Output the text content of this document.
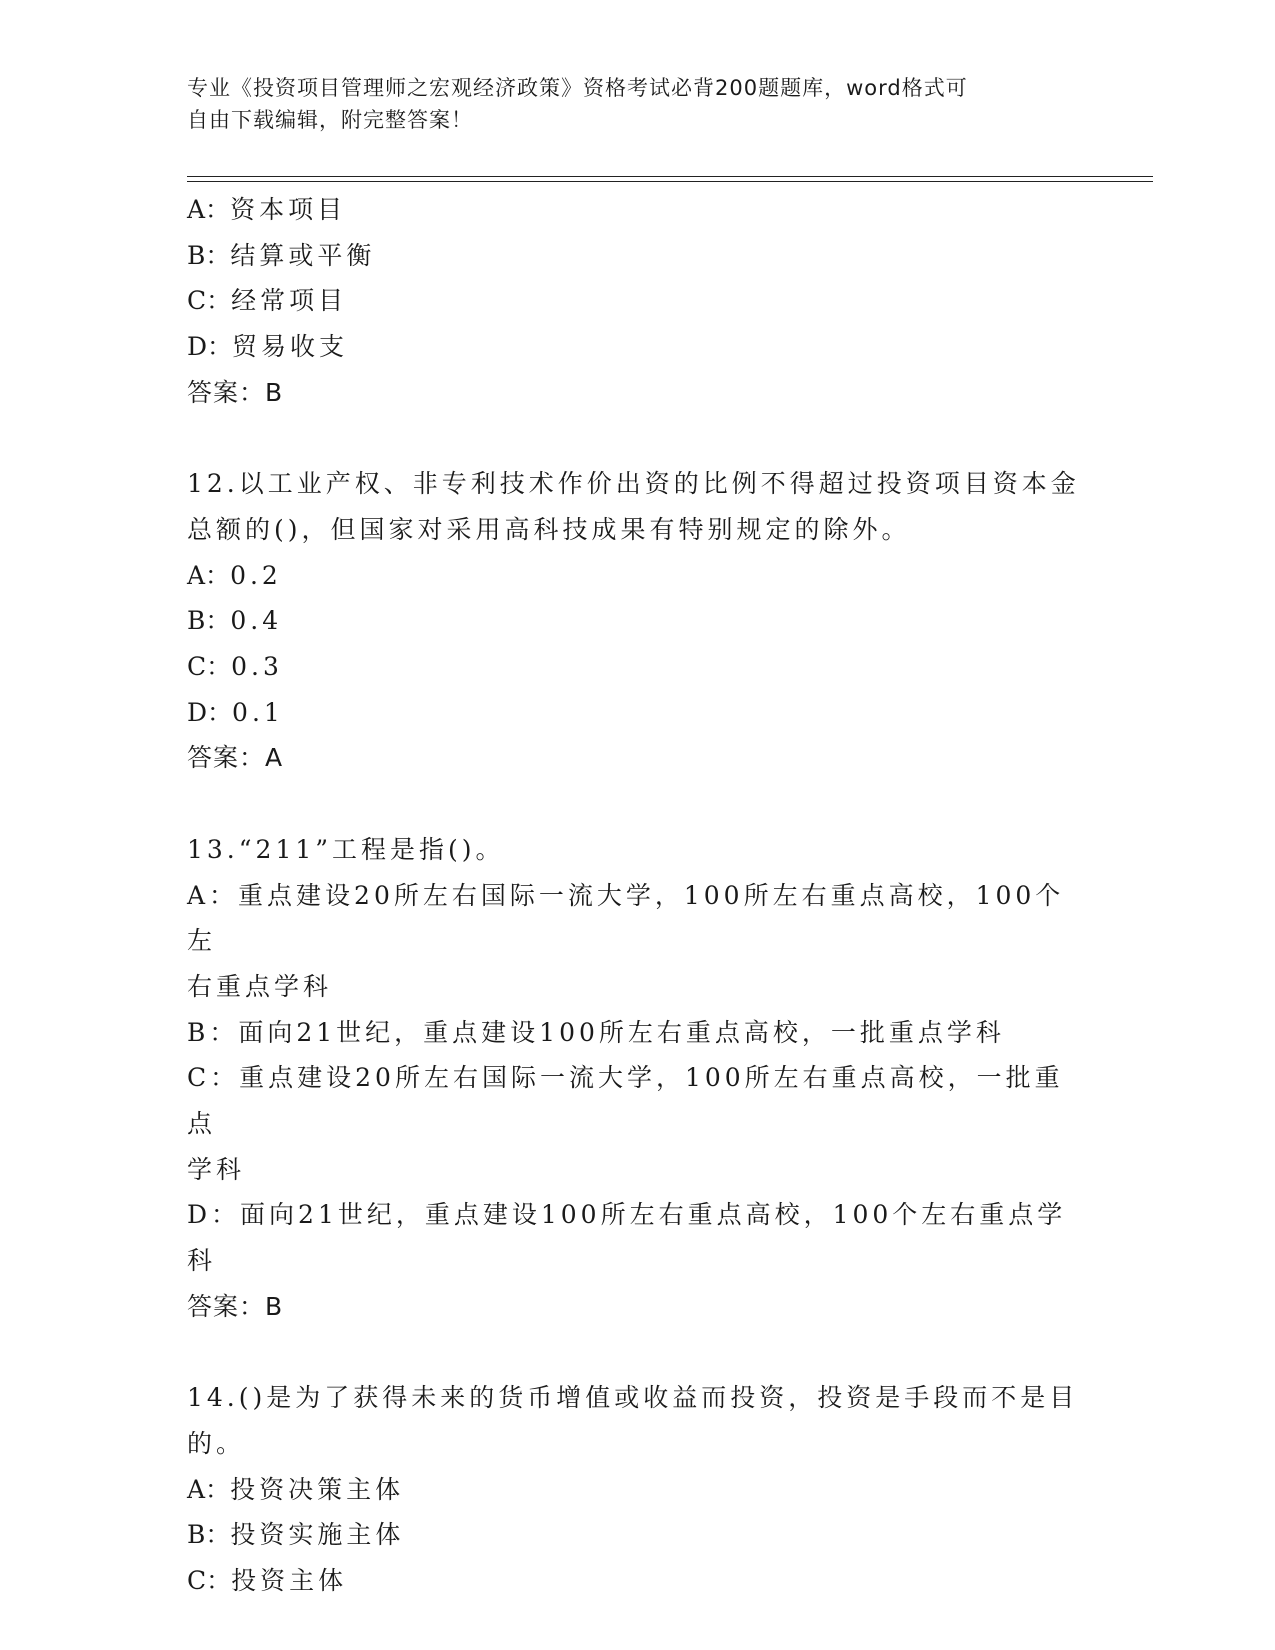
专业《投资项目管理师之宏观经济政策》资格考试必背200题题库，word格式可
自由下载编辑，附完整答案！
A：资本项目
B：结算或平衡
C：经常项目
D：贸易收支
答案：B
12.以工业产权、非专利技术作价出资的比例不得超过投资项目资本金
总额的()，但国家对采用高科技成果有特别规定的除外。
A：0.2
B：0.4
C：0.3
D：0.1
答案：A
13.“211”工程是指()。
A：重点建设20所左右国际一流大学，100所左右重点高校，100个左
右重点学科
B：面向21世纪，重点建设100所左右重点高校，一批重点学科
C：重点建设20所左右国际一流大学，100所左右重点高校，一批重点
学科
D：面向21世纪，重点建设100所左右重点高校，100个左右重点学科
答案：B
14.()是为了获得未来的货币增值或收益而投资，投资是手段而不是目
的。
A：投资决策主体
B：投资实施主体
C：投资主体
